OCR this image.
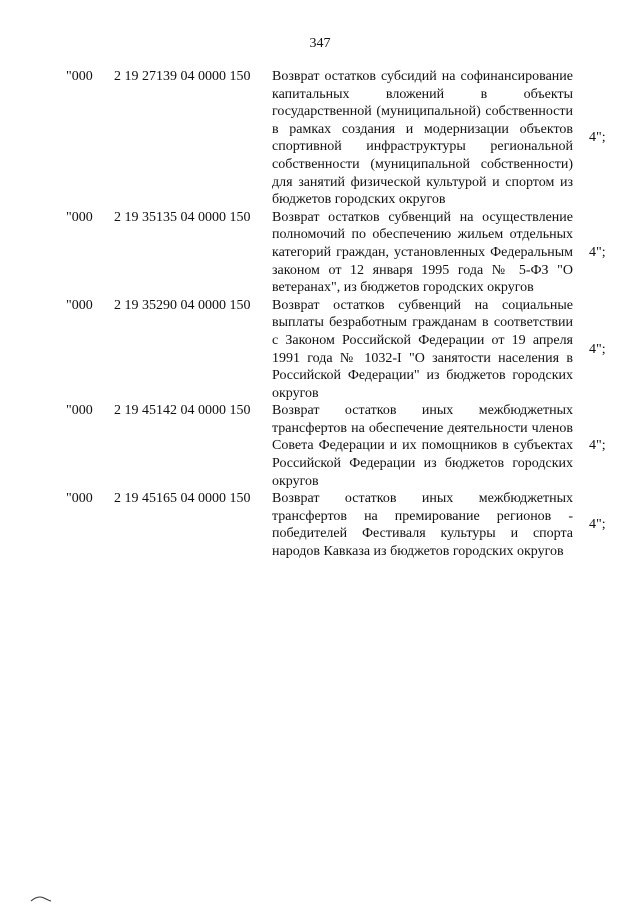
347
"000 2 19 27139 04 0000 150 Возврат остатков субсидий на софинансирование капитальных вложений в объекты государственной (муниципальной) собственности в рамках создания и модернизации объектов спортивной инфраструктуры региональной собственности (муниципальной собственности) для занятий физической культурой и спортом из бюджетов городских округов
4";
"000 2 19 35135 04 0000 150 Возврат остатков субвенций на осуществление полномочий по обеспечению жильем отдельных категорий граждан, установленных Федеральным законом от 12 января 1995 года № 5-ФЗ "О ветеранах", из бюджетов городских округов
4";
"000 2 19 35290 04 0000 150 Возврат остатков субвенций на социальные выплаты безработным гражданам в соответствии с Законом Российской Федерации от 19 апреля 1991 года № 1032-I "О занятости населения в Российской Федерации" из бюджетов городских округов
4";
"000 2 19 45142 04 0000 150 Возврат остатков иных межбюджетных трансфертов на обеспечение деятельности членов Совета Федерации и их помощников в субъектах Российской Федерации из бюджетов городских округов
4";
"000 2 19 45165 04 0000 150 Возврат остатков иных межбюджетных трансфертов на премирование регионов - победителей Фестиваля культуры и спорта народов Кавказа из бюджетов городских округов
4";
